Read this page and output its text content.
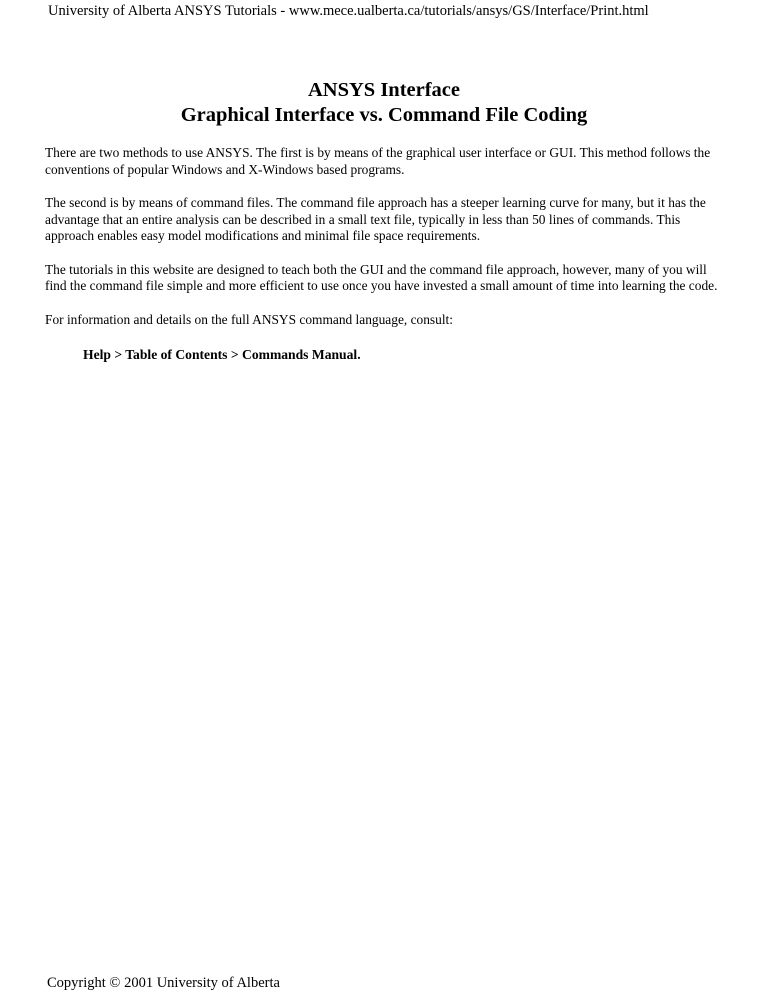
University of Alberta ANSYS Tutorials - www.mece.ualberta.ca/tutorials/ansys/GS/Interface/Print.html
ANSYS Interface
Graphical Interface vs. Command File Coding

There are two methods to use ANSYS. The first is by means of the graphical user interface or GUI. This method follows the conventions of popular Windows and X-Windows based programs.

The second is by means of command files. The command file approach has a steeper learning curve for many, but it has the advantage that an entire analysis can be described in a small text file, typically in less than 50 lines of commands. This approach enables easy model modifications and minimal file space requirements.

The tutorials in this website are designed to teach both the GUI and the command file approach, however, many of you will find the command file simple and more efficient to use once you have invested a small amount of time into learning the code.

For information and details on the full ANSYS command language, consult:

Help > Table of Contents > Commands Manual.
Copyright © 2001 University of Alberta
